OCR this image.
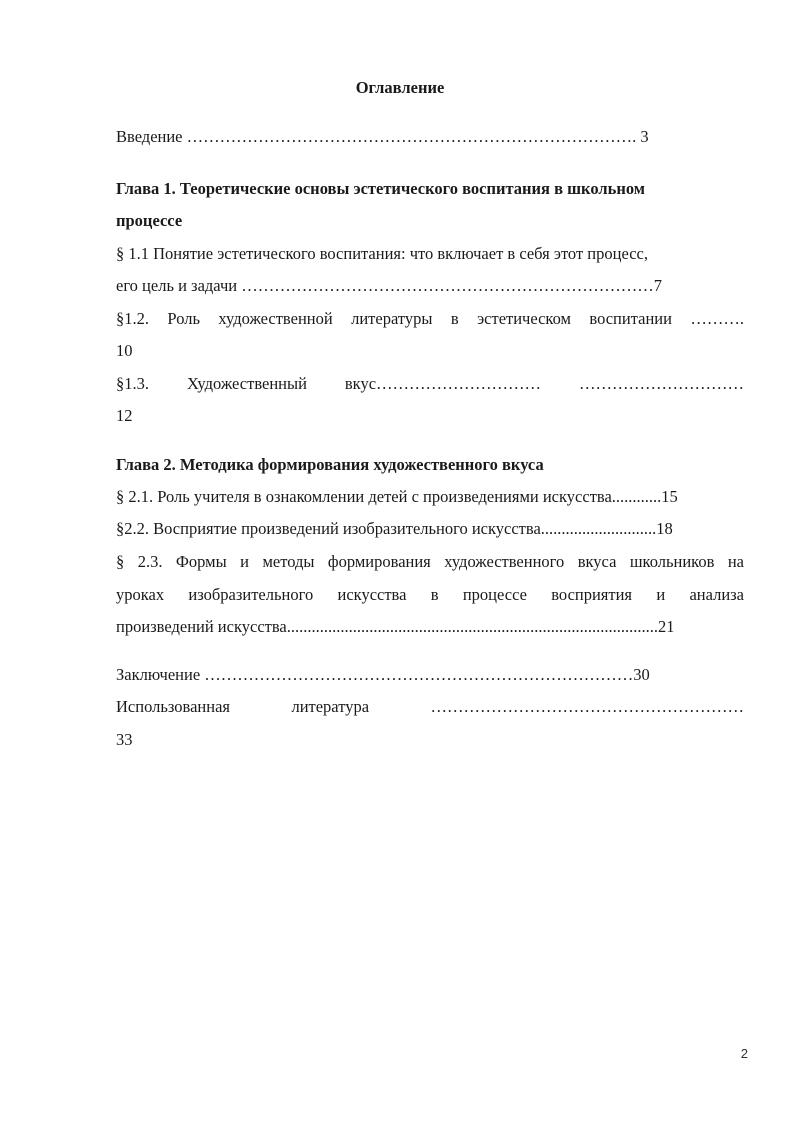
Оглавление
Введение ………………………………………………………………………. 3
Глава 1. Теоретические основы эстетического воспитания в школьном
процессе
§ 1.1 Понятие эстетического воспитания: что включает в себя этот процесс,
его цель и задачи …………………………………………………………………7
§1.2. Роль художественной литературы в эстетическом воспитании ……….
10
§1.3. Художественный вкус………………………… …………………………
12
Глава 2. Методика формирования художественного вкуса
§ 2.1. Роль учителя в ознакомлении детей с произведениями искусства............15
§2.2. Восприятие произведений изобразительного искусства............................18
§ 2.3. Формы и методы формирования художественного вкуса школьников на
уроках изобразительного искусства в процессе восприятия и анализа
произведений искусства..........................................................................................21
Заключение ……………………………………………………………………30
Использованная литература …………………………………………………
33
2
